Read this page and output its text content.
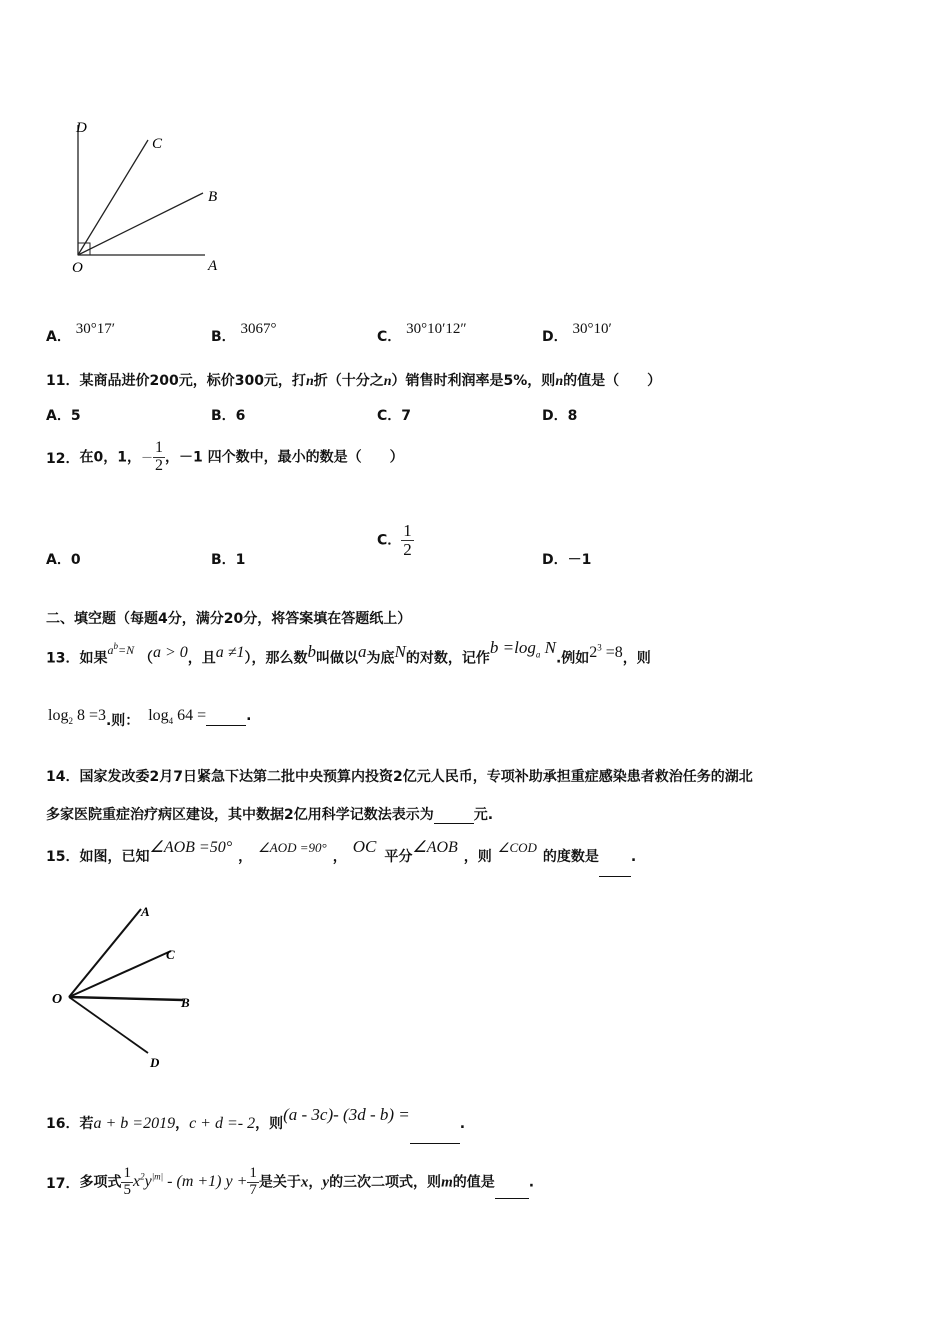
D
C
B
O	A
A． 30°17′	B． 3067°	C． 30°10′12″	D． 30°10′
11．某商品进价200元，标价300元，打n折（十分之n）销售时利润率是5%，则n的值是（　　）
A．5	B．6	C．7	D．8
12．在0，1，－ $\frac{1}{2}$ ，－1 四个数中，最小的数是（　　）
A．0	B．1
C． $\frac{1}{2}$
D．－1
二、填空题（每题4分，满分20分，将答案填在答题纸上）
13．如果$a^b=N$ （a > 0，且a ≠1），那么数b叫做以a为底N的对数，记作$b =\log_a$ N.例如$2^3 =8$，则
$\log_2 8 =3$.则： $\log_4 64$ =	.
14．国家发改委2月7日紧急下达第二批中央预算内投资2亿元人民币，专项补助承担重症感染患者救治任务的湖北
多家医院重症治疗病区建设，其中数据2亿用科学记数法表示为	元.
15．如图，已知∠AOB =50°，∠AOD =90°，OC平分∠AOB，则∠COD的度数是 .
A
C
O	B
D
16．若a + b =2019，c + d =- 2，则(a - 3c)- (3d - b) =	.
17．多项式 $\frac{1}{5} x^2y^{|m|} - (m +1) y + \frac{1}{7}$ 是关于x，y的三次二项式，则m的值是 .
